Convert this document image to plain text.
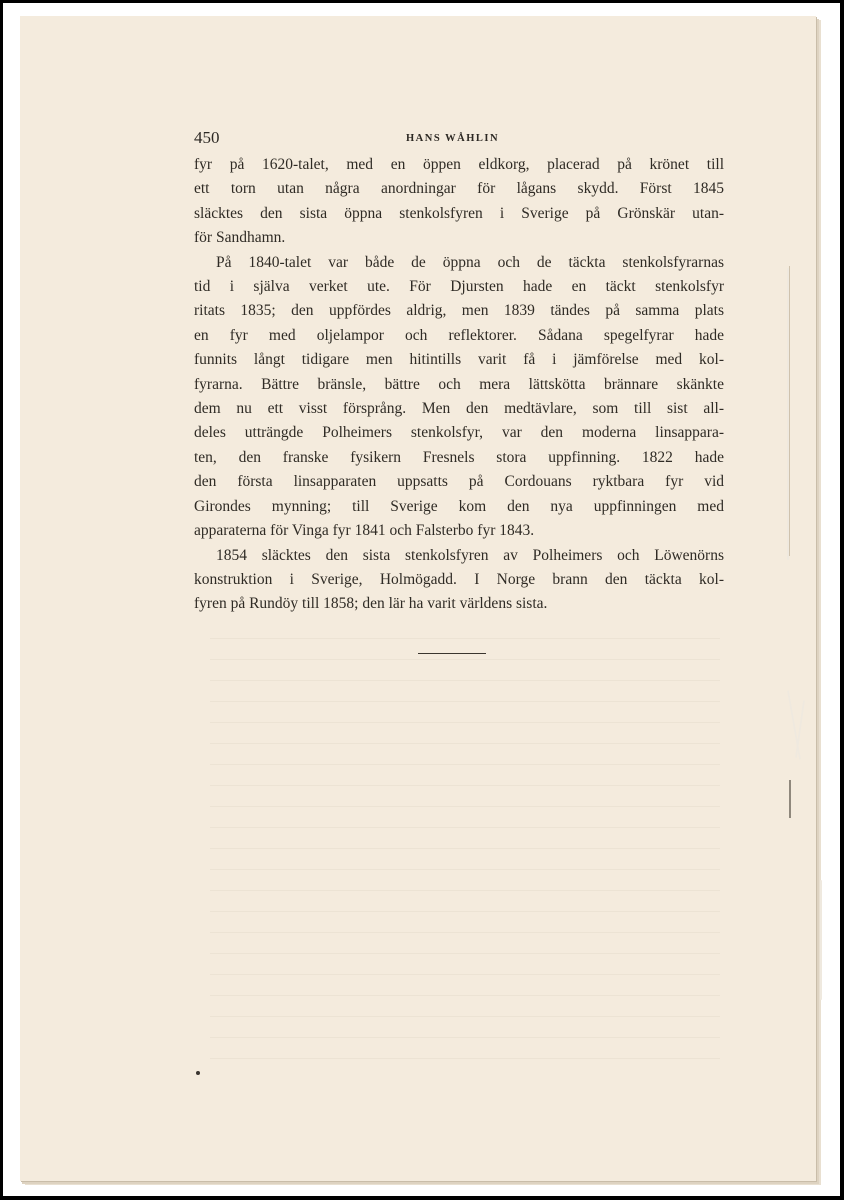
450	HANS WÅHLIN

fyr på 1620-talet, med en öppen eldkorg, placerad på krönet till
ett torn utan några anordningar för lågans skydd. Först 1845
släcktes den sista öppna stenkolsfyren i Sverige på Grönskär utan-
för Sandhamn.

På 1840-talet var både de öppna och de täckta stenkolsfyrarnas
tid i själva verket ute. För Djursten hade en täckt stenkolsfyr
ritats 1835; den uppfördes aldrig, men 1839 tändes på samma plats
en fyr med oljelampor och reflektorer. Sådana spegelfyrar hade
funnits långt tidigare men hitintills varit få i jämförelse med kol-
fyrarna. Bättre bränsle, bättre och mera lättskötta brännare skänkte
dem nu ett visst försprång. Men den medtävlare, som till sist all-
deles utträngde Polheimers stenkolsfyr, var den moderna linsappara-
ten, den franske fysikern Fresnels stora uppfinning. 1822 hade
den första linsapparaten uppsatts på Cordouans ryktbara fyr vid
Girondes mynning; till Sverige kom den nya uppfinningen med
apparaterna för Vinga fyr 1841 och Falsterbo fyr 1843.

1854 släcktes den sista stenkolsfyren av Polheimers och Löwenörns
konstruktion i Sverige, Holmögadd. I Norge brann den täckta kol-
fyren på Rundöy till 1858; den lär ha varit världens sista.
